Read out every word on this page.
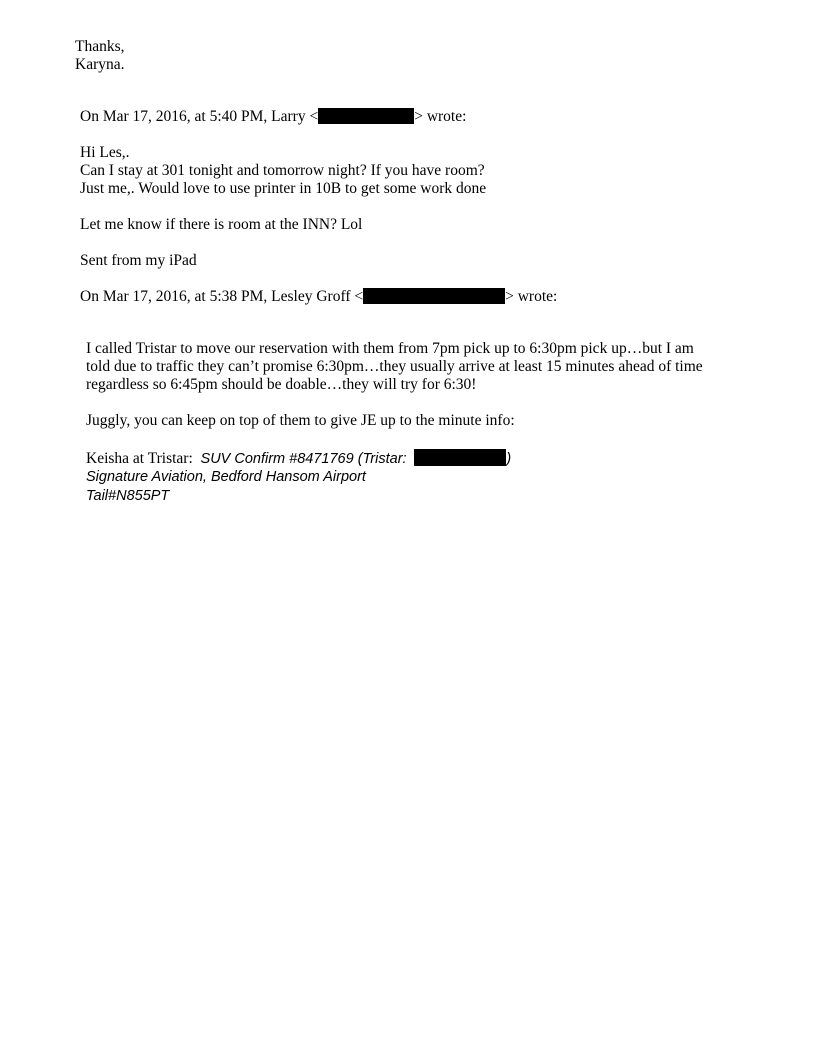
Thanks,
Karyna.
On Mar 17, 2016, at 5:40 PM, Larry <	> wrote:
Hi Les,.
Can I stay at 301 tonight and tomorrow night? If you have room?
Just me,. Would love to use printer in 10B to get some work done
Let me know if there is room at the INN? Lol
Sent from my iPad
On Mar 17, 2016, at 5:38 PM, Lesley Groff <	> wrote:
I called Tristar to move our reservation with them from 7pm pick up to 6:30pm pick up…but I am
told due to traffic they can’t promise 6:30pm…they usually arrive at least 15 minutes ahead of time
regardless so 6:45pm should be doable…they will try for 6:30!
Juggly, you can keep on top of them to give JE up to the minute info:
Keisha at Tristar: SUV Confirm #8471769 (Tristar:	)
Signature Aviation, Bedford Hansom Airport
Tail#N855PT
